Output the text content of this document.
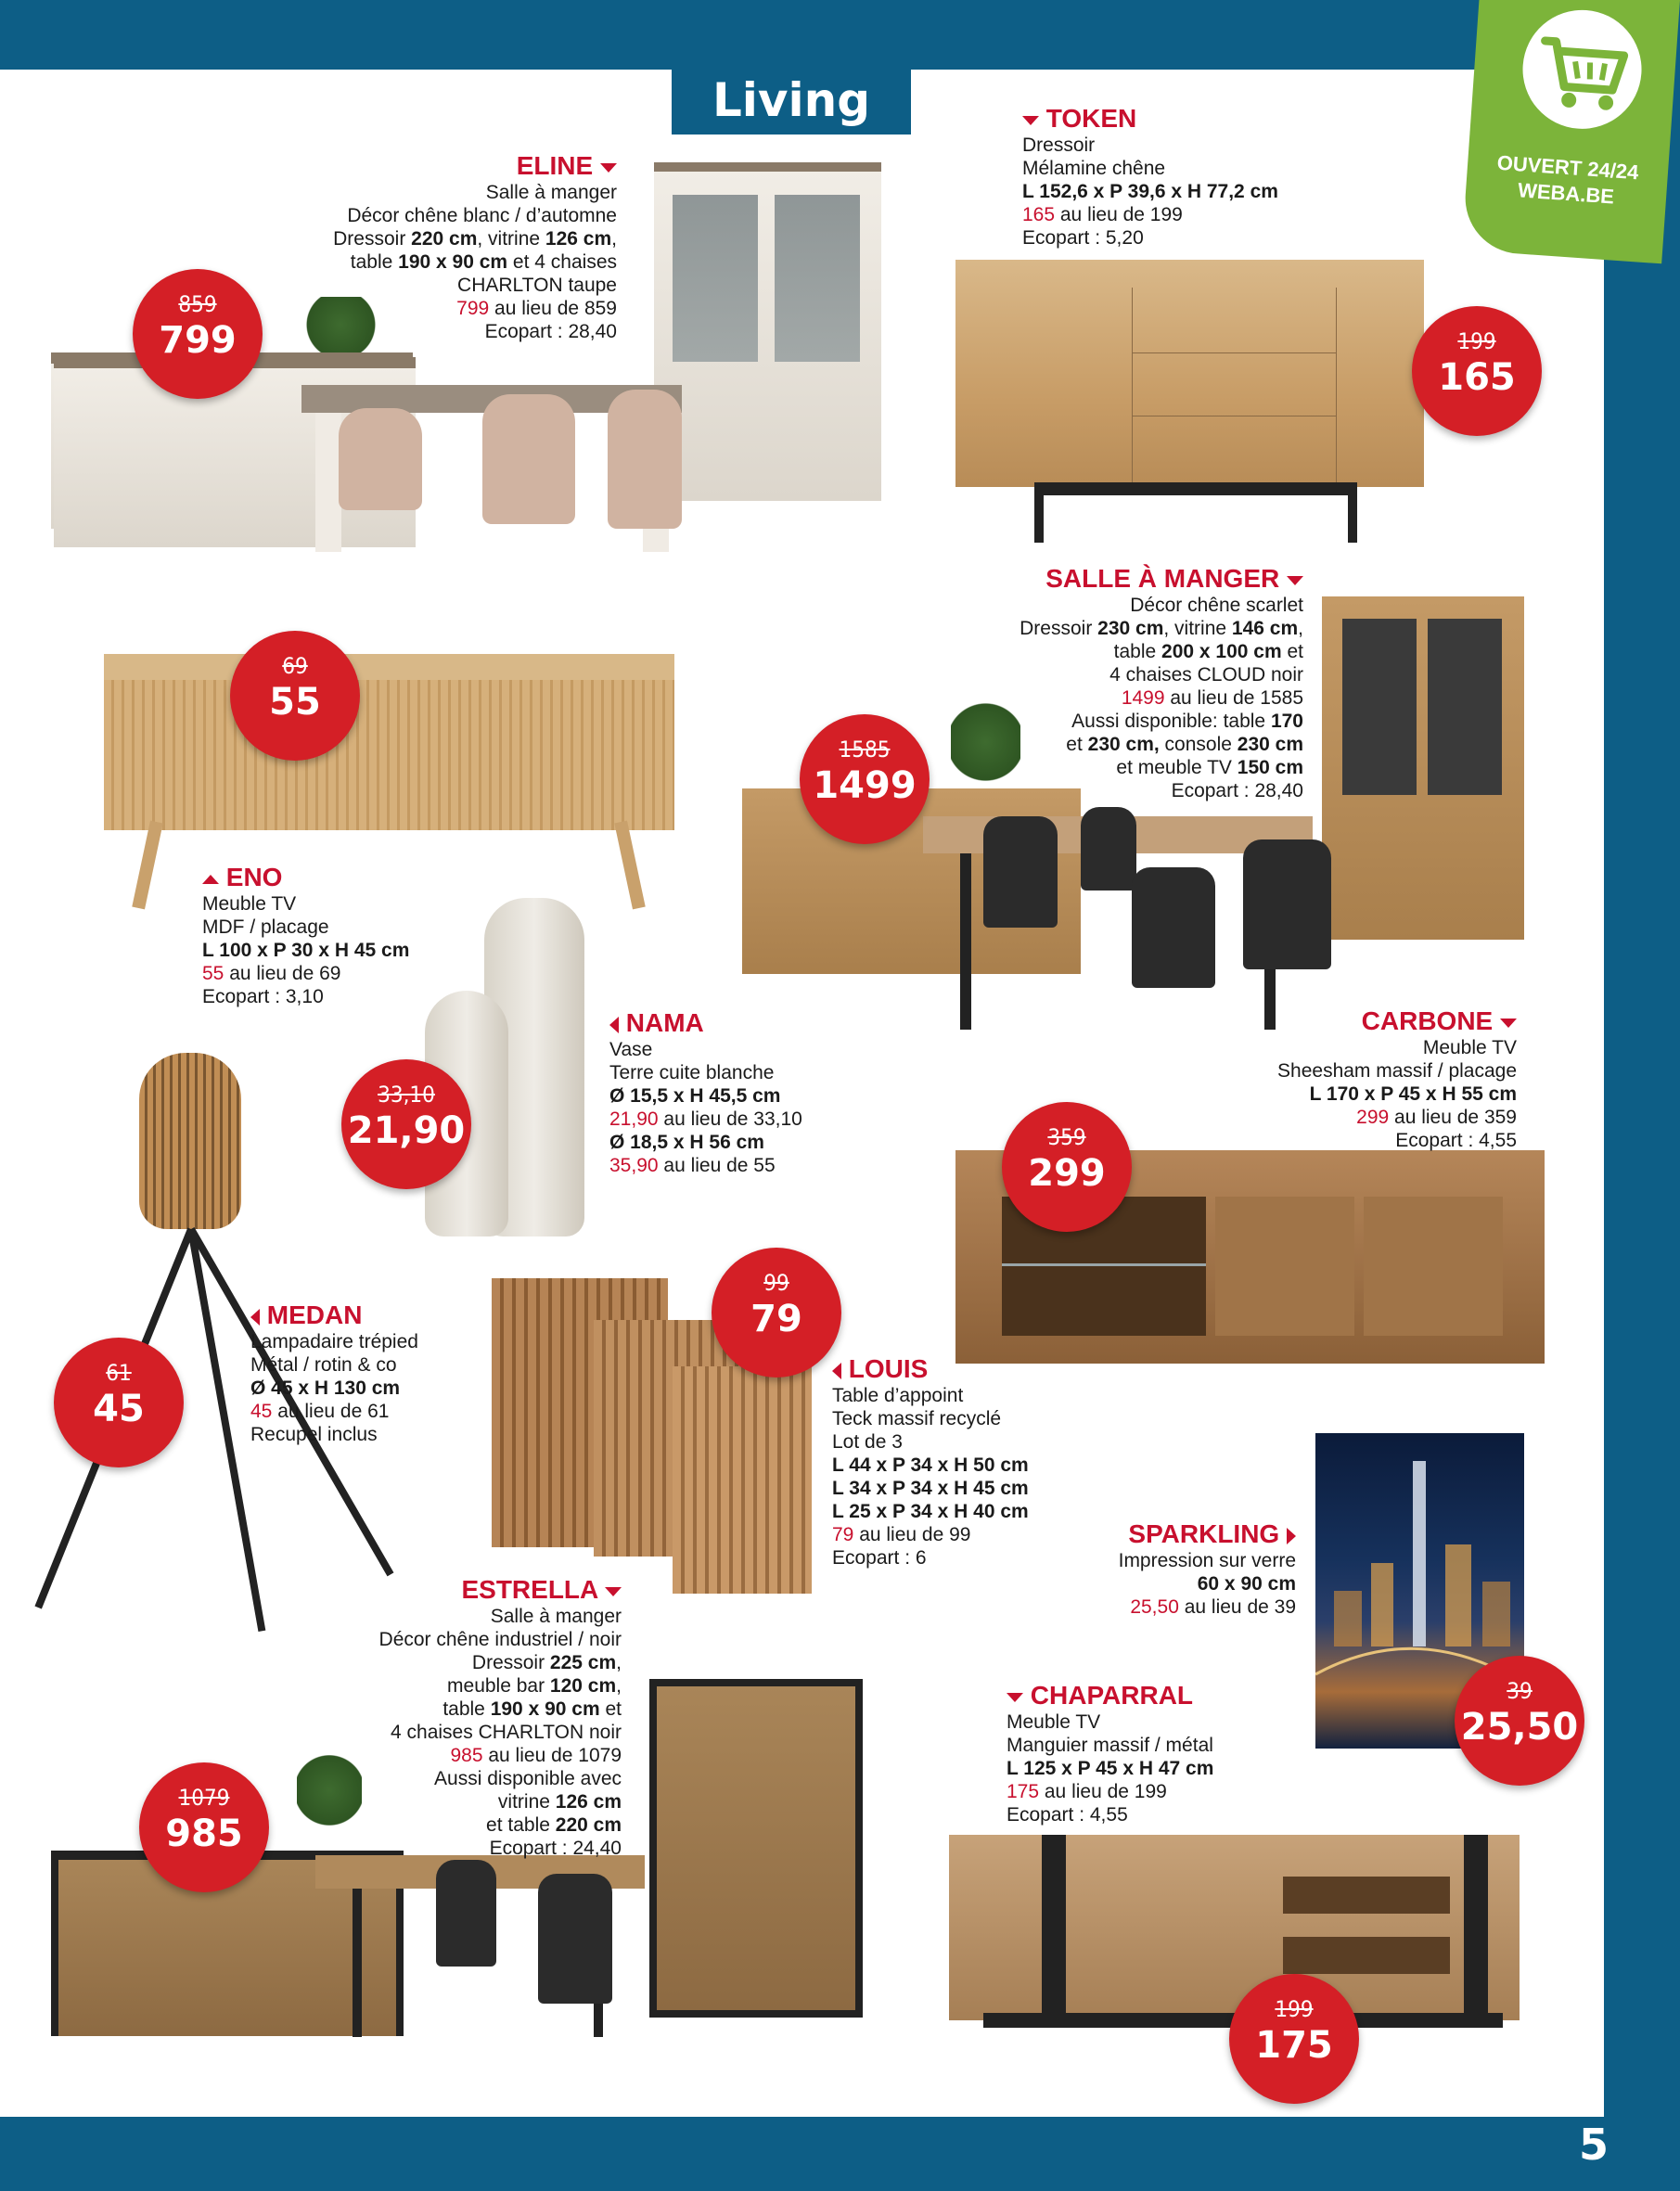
Living
OUVERT 24/24
WEBA.BE
5
ELINE
Salle à manger
Décor chêne blanc / d’automne
Dressoir 220 cm, vitrine 126 cm,
table 190 x 90 cm et 4 chaises
CHARLTON taupe
799 au lieu de 859
Ecopart : 28,40
859
799
TOKEN
Dressoir
Mélamine chêne
L 152,6 x P 39,6 x H 77,2 cm
165 au lieu de 199
Ecopart : 5,20
199
165
ENO
Meuble TV
MDF / placage
L 100 x P 30 x H 45 cm
55 au lieu de 69
Ecopart : 3,10
69
55
SALLE À MANGER
Décor chêne scarlet
Dressoir 230 cm, vitrine 146 cm,
table 200 x 100 cm et
4 chaises CLOUD noir
1499 au lieu de 1585
Aussi disponible: table 170
et 230 cm, console 230 cm
et meuble TV 150 cm
Ecopart : 28,40
1585
1499
NAMA
Vase
Terre cuite blanche
Ø 15,5 x H 45,5 cm
21,90 au lieu de 33,10
Ø 18,5 x H 56 cm
35,90 au lieu de 55
33,10
21,90
CARBONE
Meuble TV
Sheesham massif / placage
L 170 x P 45 x H 55 cm
299 au lieu de 359
Ecopart : 4,55
359
299
MEDAN
Lampadaire trépied
Métal / rotin & co
Ø 45 x H 130 cm
45 au lieu de 61
Recupel inclus
61
45
LOUIS
Table d’appoint
Teck massif recyclé
Lot de 3
L 44 x P 34 x H 50 cm
L 34 x P 34 x H 45 cm
L 25 x P 34 x H 40 cm
79 au lieu de 99
Ecopart : 6
99
79
SPARKLING
Impression sur verre
60 x 90 cm
25,50 au lieu de 39
39
25,50
ESTRELLA
Salle à manger
Décor chêne industriel / noir
Dressoir 225 cm,
meuble bar 120 cm,
table 190 x 90 cm et
4 chaises CHARLTON noir
985 au lieu de 1079
Aussi disponible avec
vitrine 126 cm
et table 220 cm
Ecopart : 24,40
1079
985
CHAPARRAL
Meuble TV
Manguier massif / métal
L 125 x P 45 x H 47 cm
175 au lieu de 199
Ecopart : 4,55
199
175
